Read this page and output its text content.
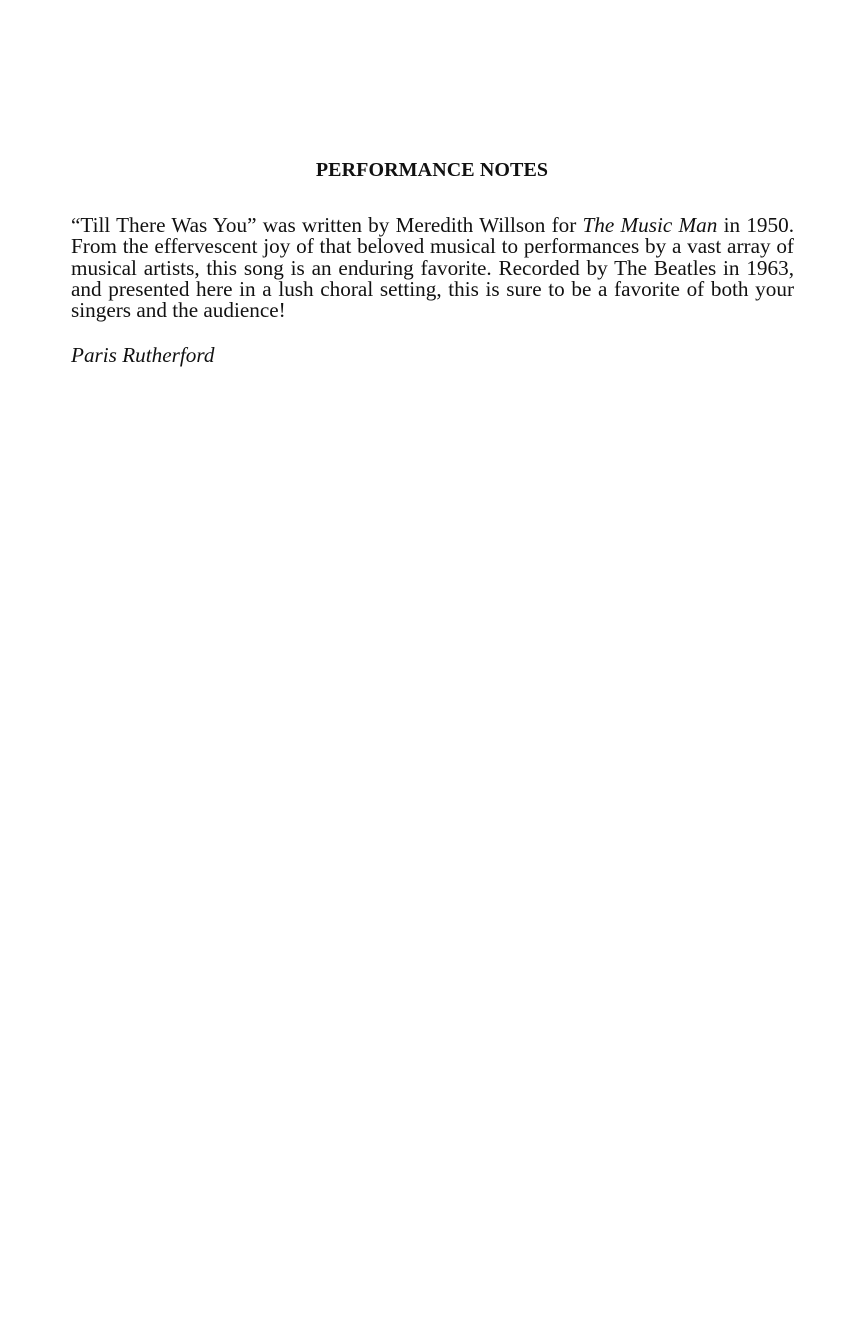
PERFORMANCE NOTES

“Till There Was You” was written by Meredith Willson for The Music Man in 1950. From the effervescent joy of that beloved musical to performances by a vast array of musical artists, this song is an enduring favorite. Recorded by The Beatles in 1963, and presented here in a lush choral setting, this is sure to be a favorite of both your singers and the audience!

Paris Rutherford
